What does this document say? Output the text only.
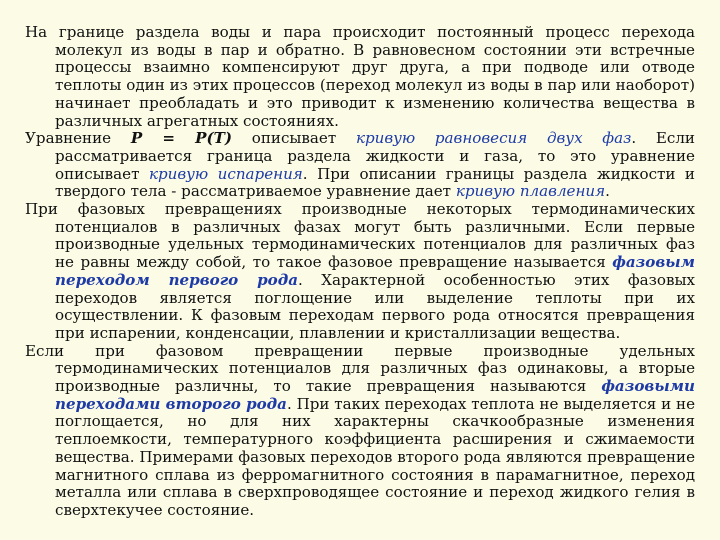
На границе раздела воды и пара происходит постоянный процесс перехода молекул из воды в пар и обратно. В равновесном состоянии эти встречные процессы взаимно компенсируют друг друга, а при подводе или отводе теплоты один из этих процессов (переход молекул из воды в пар или наоборот) начинает преобладать и это приводит к изменению количества вещества в различных агрегатных состояниях.

Уравнение P = P(T) описывает кривую равновесия двух фаз. Если рассматривается граница раздела жидкости и газа, то это уравнение описывает кривую испарения. При описании границы раздела жидкости и твердого тела - рассматриваемое уравнение дает кривую плавления.

При фазовых превращениях производные некоторых термодинамических потенциалов в различных фазах могут быть различными. Если первые производные удельных термодинамических потенциалов для различных фаз не равны между собой, то такое фазовое превращение называется фазовым переходом первого рода. Характерной особенностью этих фазовых переходов является поглощение или выделение теплоты при их осуществлении. К фазовым переходам первого рода относятся превращения при испарении, конденсации, плавлении и кристаллизации вещества.

Если при фазовом превращении первые производные удельных термодинамических потенциалов для различных фаз одинаковы, а вторые производные различны, то такие превращения называются фазовыми переходами второго рода. При таких переходах теплота не выделяется и не поглощается, но для них характерны скачкообразные изменения теплоемкости, температурного коэффициента расширения и сжимаемости вещества. Примерами фазовых переходов второго рода являются превращение магнитного сплава из ферромагнитного состояния в парамагнитное, переход металла или сплава в сверхпроводящее состояние и переход жидкого гелия в сверхтекучее состояние.
